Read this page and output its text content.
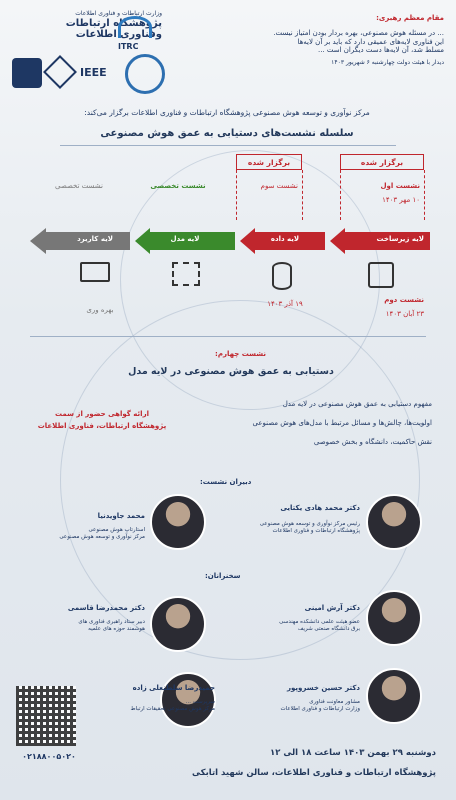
IEEE
وزارت ارتباطات و فناوری اطلاعات
پژوهشگاه ارتباطات
وفناوری اطلاعات
ITRC
مقام معظم رهبری:
... در مسئله هوش مصنوعی، بهره بردار بودن امتیاز نیست.
این فناوری لایه‌های عمیقی دارد که باید بر آن لایه‌ها
مسلط شد، آن لایه‌ها دست دیگران است ...
دیدار با هیئت دولت چهارشنبه ۶ شهریور ۱۴۰۳
مرکز نوآوری و توسعه هوش مصنوعی پژوهشگاه ارتباطات و فناوری اطلاعات برگزار می‌کند:
سلسله نشست‌های دستیابی به عمق هوش مصنوعی
برگزار شده	برگزار شده
نشست اول
۱۰ مهر ۱۴۰۳
نشست سوم
نشست تخصصی
نشست تخصصی
لایه زیرساخت
لایه داده
لایه مدل
لایه کاربرد
۱۹ آذر ۱۴۰۳
بهره وری
نشست دوم
۲۳ آبان ۱۴۰۳
نشست چهارم:
دستیابی به عمق هوش مصنوعی در لایه مدل
مفهوم دستیابی به عمق هوش مصنوعی در لایه مدل
اولویت‌ها، چالش‌ها و مسائل مرتبط با مدل‌های هوش مصنوعی
نقش حاکمیت، دانشگاه و بخش خصوصی
ارائه گواهی حضور از سمت
پژوهشگاه ارتباطات، فناوری اطلاعات
دبیران نشست:
دکتر محمد هادی یکتایی
رئیس مرکز نوآوری و توسعه هوش مصنوعی
پژوهشگاه ارتباطات و فناوری اطلاعات
محمد جاویدنیا
استارتاپ هوش مصنوعی
مرکز نوآوری و توسعه هوش مصنوعی
سخنرانان:
دکتر آرش امینی
عضو هیئت علمی دانشکده مهندسی
برق دانشگاه صنعتی شریف
دکتر محمدرضا قاسمی
دبیر ستاد راهبری فناوری های
هوشمند حوزه های علمیه
دکتر حسین خسروپور
مشاور معاونت فناوری
وزارت ارتباطات و فناوری اطلاعات
حمیدرضا سلطنعلی زاده
سرپرست ...
مرکز هوش مصنوعی تحقیقات ارتباط
۰۲۱۸۸۰۰۵۰۲۰	دوشنبه ۲۹ بهمن ۱۴۰۳ ساعت ۱۸ الی ۱۲
پژوهشگاه ارتباطات و فناوری اطلاعات، سالن شهید اتابکی
